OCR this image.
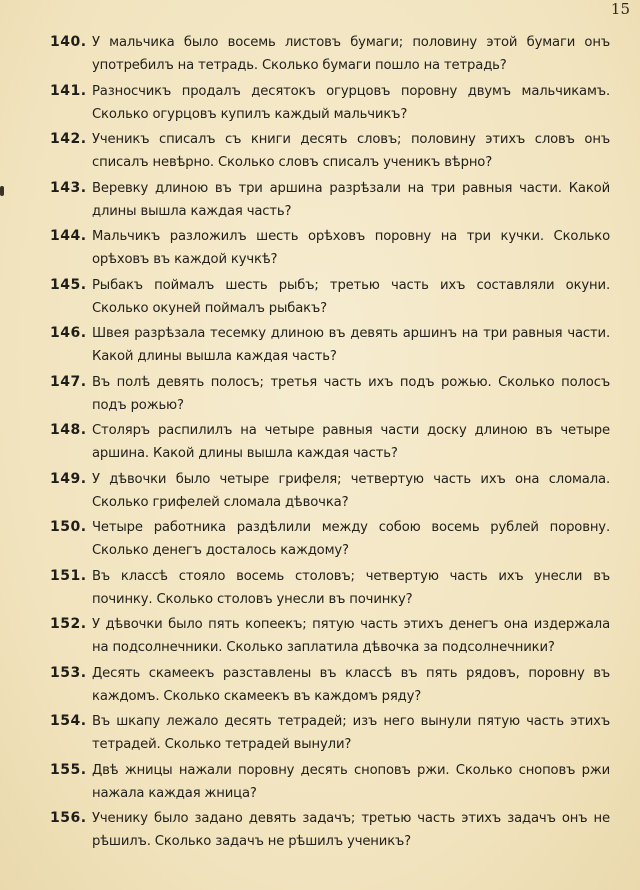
15
140. У мальчика было восемь листовъ бумаги; половину этой бумаги онъ употребилъ на тетрадь. Сколько бумаги пошло на тетрадь?
141. Разносчикъ продалъ десятокъ огурцовъ поровну двумъ мальчикамъ. Сколько огурцовъ купилъ каждый мальчикъ?
142. Ученикъ списалъ съ книги десять словъ; половину этихъ словъ онъ списалъ невѣрно. Сколько словъ списалъ ученикъ вѣрно?
143. Веревку длиною въ три аршина разрѣзали на три равныя части. Какой длины вышла каждая часть?
144. Мальчикъ разложилъ шесть орѣховъ поровну на три кучки. Сколько орѣховъ въ каждой кучкѣ?
145. Рыбакъ поймалъ шесть рыбъ; третью часть ихъ составляли окуни. Сколько окуней поймалъ рыбакъ?
146. Швея разрѣзала тесемку длиною въ девять аршинъ на три равныя части. Какой длины вышла каждая часть?
147. Въ полѣ девять полосъ; третья часть ихъ подъ рожью. Сколько полосъ подъ рожью?
148. Столяръ распилилъ на четыре равныя части доску длиною въ четыре аршина. Какой длины вышла каждая часть?
149. У дѣвочки было четыре грифеля; четвертую часть ихъ она сломала. Сколько грифелей сломала дѣвочка?
150. Четыре работника раздѣлили между собою восемь рублей поровну. Сколько денегъ досталось каждому?
151. Въ классѣ стояло восемь столовъ; четвертую часть ихъ унесли въ починку. Сколько столовъ унесли въ починку?
152. У дѣвочки было пять копеекъ; пятую часть этихъ денегъ она издержала на подсолнечники. Сколько заплатила дѣвочка за подсолнечники?
153. Десять скамеекъ разставлены въ классѣ въ пять рядовъ, поровну въ каждомъ. Сколько скамеекъ въ каждомъ ряду?
154. Въ шкапу лежало десять тетрадей; изъ него вынули пятую часть этихъ тетрадей. Сколько тетрадей вынули?
155. Двѣ жницы нажали поровну десять сноповъ ржи. Сколько сноповъ ржи нажала каждая жница?
156. Ученику было задано девять задачъ; третью часть этихъ задачъ онъ не рѣшилъ. Сколько задачъ не рѣшилъ ученикъ?
